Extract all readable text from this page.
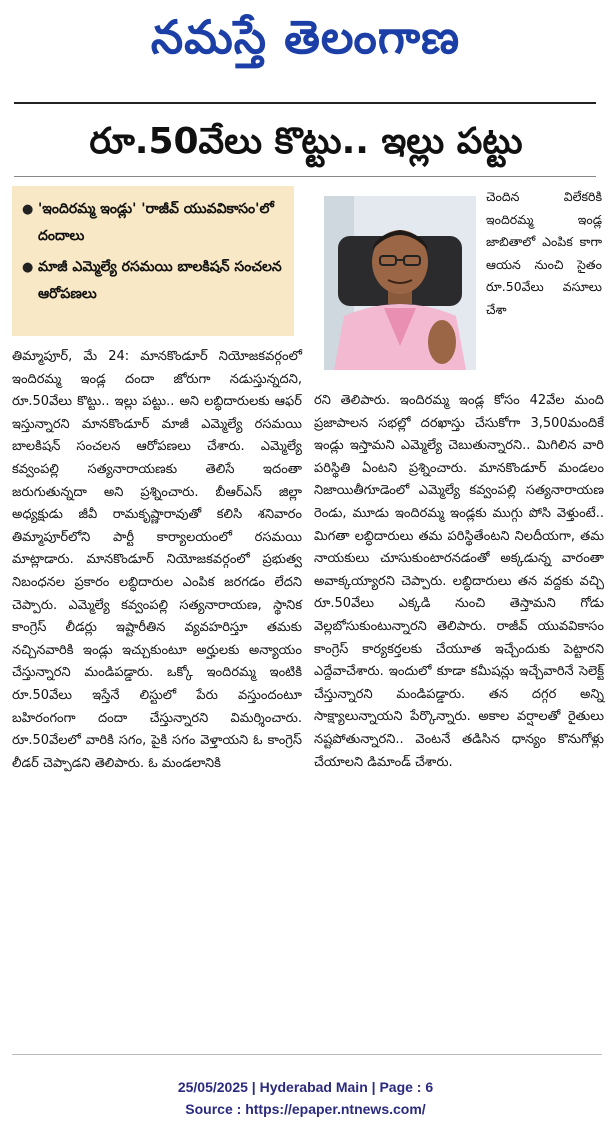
నమస్తే తెలంగాణ
రూ.50వేలు కొట్టు.. ఇల్లు పట్టు
● 'ఇందిరమ్మ ఇండ్లు' 'రాజీవ్ యువవికాసం'లో దందాలు
● మాజీ ఎమ్మెల్యే రసమయి బాలకిషన్ సంచలన ఆరోపణలు

చెందిన విలేకరికి ఇందిరమ్మ ఇండ్ల జాబితాలో ఎంపిక కాగా ఆయన నుంచి సైతం రూ.50వేలు వసూలు చేశా

తిమ్మాపూర్, మే 24: మానకొండూర్ నియోజకవర్గంలో ఇందిరమ్మ ఇండ్ల దందా జోరుగా నడుస్తున్నదని, రూ.50వేలు కొట్టు.. ఇల్లు పట్టు.. అని లబ్ధిదారులకు ఆఫర్ ఇస్తున్నారని మానకొండూర్ మాజీ ఎమ్మెల్యే రసమయి బాలకిషన్ సంచలన ఆరోపణలు చేశారు. ఎమ్మెల్యే కవ్వంపల్లి సత్యనారాయణకు తెలిసే ఇదంతా జరుగుతున్నదా అని ప్రశ్నించారు. బీఆర్ఎస్ జిల్లా అధ్యక్షుడు జీవీ రామకృష్ణారావుతో కలిసి శనివారం తిమ్మాపూర్‌లోని పార్టీ కార్యాలయంలో రసమయి మాట్లాడారు. మానకొండూర్ నియోజకవర్గంలో ప్రభుత్వ నిబంధనల ప్రకారం లబ్ధిదారుల ఎంపిక జరగడం లేదని చెప్పారు. ఎమ్మెల్యే కవ్వంపల్లి సత్యనారాయణ, స్థానిక కాంగ్రెస్ లీడర్లు ఇష్టారీతిన వ్యవహరిస్తూ తమకు నచ్చినవారికి ఇండ్లు ఇచ్చుకుంటూ అర్హులకు అన్యాయం చేస్తున్నారని మండిపడ్డారు. ఒక్కో ఇందిరమ్మ ఇంటికి రూ.50వేలు ఇస్తేనే లిస్టులో పేరు వస్తుందంటూ బహిరంగంగా దందా చేస్తున్నారని విమర్శించారు. రూ.50వేలలో వారికి సగం, పైకి సగం వెళ్తాయని ఓ కాంగ్రెస్ లీడర్ చెప్పాడని తెలిపారు. ఓ మండలానికి

రని తెలిపారు. ఇందిరమ్మ ఇండ్ల కోసం 42వేల మంది ప్రజాపాలన సభల్లో దరఖాస్తు చేసుకోగా 3,500మందికే ఇండ్లు ఇస్తామని ఎమ్మెల్యే చెబుతున్నారని.. మిగిలిన వారి పరిస్థితి ఏంటని ప్రశ్నించారు. మానకొండూర్ మండలం నిజాయితీగూడెంలో ఎమ్మెల్యే కవ్వంపల్లి సత్యనారాయణ రెండు, మూడు ఇందిరమ్మ ఇండ్లకు ముగ్గు పోసి వెళ్తుంటే.. మిగతా లబ్ధిదారులు తమ పరిస్థితేంటని నిలదీయగా, తమ నాయకులు చూసుకుంటారనడంతో అక్కడున్న వారంతా అవాక్కయ్యారని చెప్పారు. లబ్ధిదారులు తన వద్దకు వచ్చి రూ.50వేలు ఎక్కడి నుంచి తెస్తామని గోడు వెల్లబోసుకుంటున్నారని తెలిపారు. రాజీవ్ యువవికాసం కాంగ్రెస్ కార్యకర్తలకు చేయూత ఇచ్చేందుకు పెట్టారని ఎద్దేవాచేశారు. ఇందులో కూడా కమీషన్లు ఇచ్చేవారినే సెలెక్ట్ చేస్తున్నారని మండిపడ్డారు. తన దగ్గర అన్ని సాక్ష్యాలున్నాయని పేర్కొన్నారు. అకాల వర్షాలతో రైతులు నష్టపోతున్నారని.. వెంటనే తడిసిన ధాన్యం కొనుగోళ్లు చేయాలని డిమాండ్ చేశారు.

25/05/2025 | Hyderabad Main | Page : 6
Source : https://epaper.ntnews.com/
